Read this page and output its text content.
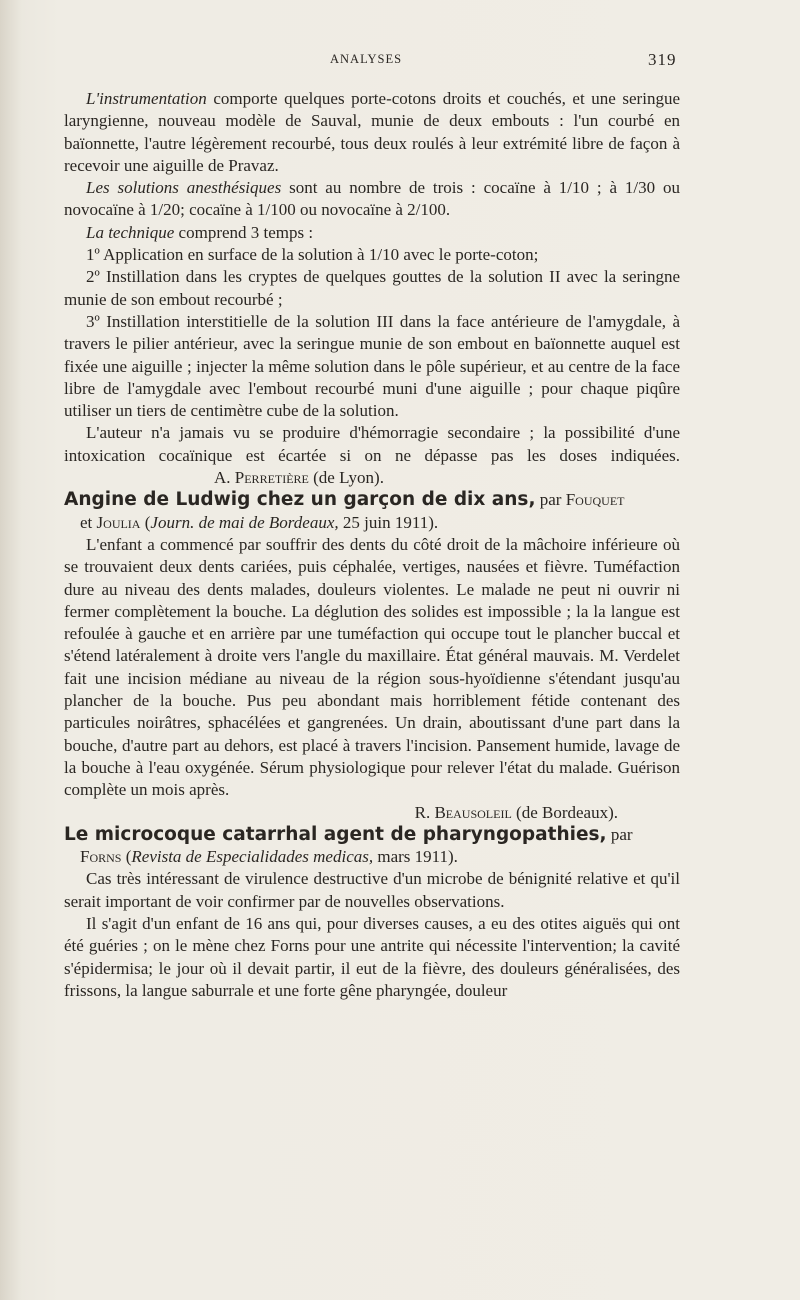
ANALYSES	319

L'instrumentation comporte quelques porte-cotons droits et couchés, et une seringue laryngienne, nouveau modèle de Sauval, munie de deux embouts : l'un courbé en baïonnette, l'autre légèrement recourbé, tous deux roulés à leur extrémité libre de façon à recevoir une aiguille de Pravaz.

Les solutions anesthésiques sont au nombre de trois : cocaïne à 1/10 ; à 1/30 ou novocaïne à 1/20; cocaïne à 1/100 ou novocaïne à 2/100.

La technique comprend 3 temps :

1º Application en surface de la solution à 1/10 avec le porte-coton;

2º Instillation dans les cryptes de quelques gouttes de la solution II avec la seringne munie de son embout recourbé ;

3º Instillation interstitielle de la solution III dans la face antérieure de l'amygdale, à travers le pilier antérieur, avec la seringue munie de son embout en baïonnette auquel est fixée une aiguille ; injecter la même solution dans le pôle supérieur, et au centre de la face libre de l'amygdale avec l'embout recourbé muni d'une aiguille ; pour chaque piqûre utiliser un tiers de centimètre cube de la solution.

L'auteur n'a jamais vu se produire d'hémorragie secondaire ; la possibilité d'une intoxication cocaïnique est écartée si on ne dépasse pas les doses indiquées.A. Perretière (de Lyon).

Angine de Ludwig chez un garçon de dix ans, par Fouquet

et Joulia (Journ. de mai de Bordeaux, 25 juin 1911).

L'enfant a commencé par souffrir des dents du côté droit de la mâchoire inférieure où se trouvaient deux dents cariées, puis céphalée, vertiges, nausées et fièvre. Tuméfaction dure au niveau des dents malades, douleurs violentes. Le malade ne peut ni ouvrir ni fermer complètement la bouche. La déglution des solides est impossible ; la la langue est refoulée à gauche et en arrière par une tuméfaction qui occupe tout le plancher buccal et s'étend latéralement à droite vers l'angle du maxillaire. État général mauvais. M. Verdelet fait une incision médiane au niveau de la région sous-hyoïdienne s'étendant jusqu'au plancher de la bouche. Pus peu abondant mais horriblement fétide contenant des particules noirâtres, sphacélées et gangrenées. Un drain, aboutissant d'une part dans la bouche, d'autre part au dehors, est placé à travers l'incision. Pansement humide, lavage de la bouche à l'eau oxygénée. Sérum physiologique pour relever l'état du malade. Guérison complète un mois après.

R. Beausoleil (de Bordeaux).

Le microcoque catarrhal agent de pharyngopathies, par

Forns (Revista de Especialidades medicas, mars 1911).

Cas très intéressant de virulence destructive d'un microbe de bénignité relative et qu'il serait important de voir confirmer par de nouvelles observations.

Il s'agit d'un enfant de 16 ans qui, pour diverses causes, a eu des otites aiguës qui ont été guéries ; on le mène chez Forns pour une antrite qui nécessite l'intervention; la cavité s'épidermisa; le jour où il devait partir, il eut de la fièvre, des douleurs généralisées, des frissons, la langue saburrale et une forte gêne pharyngée, douleur
